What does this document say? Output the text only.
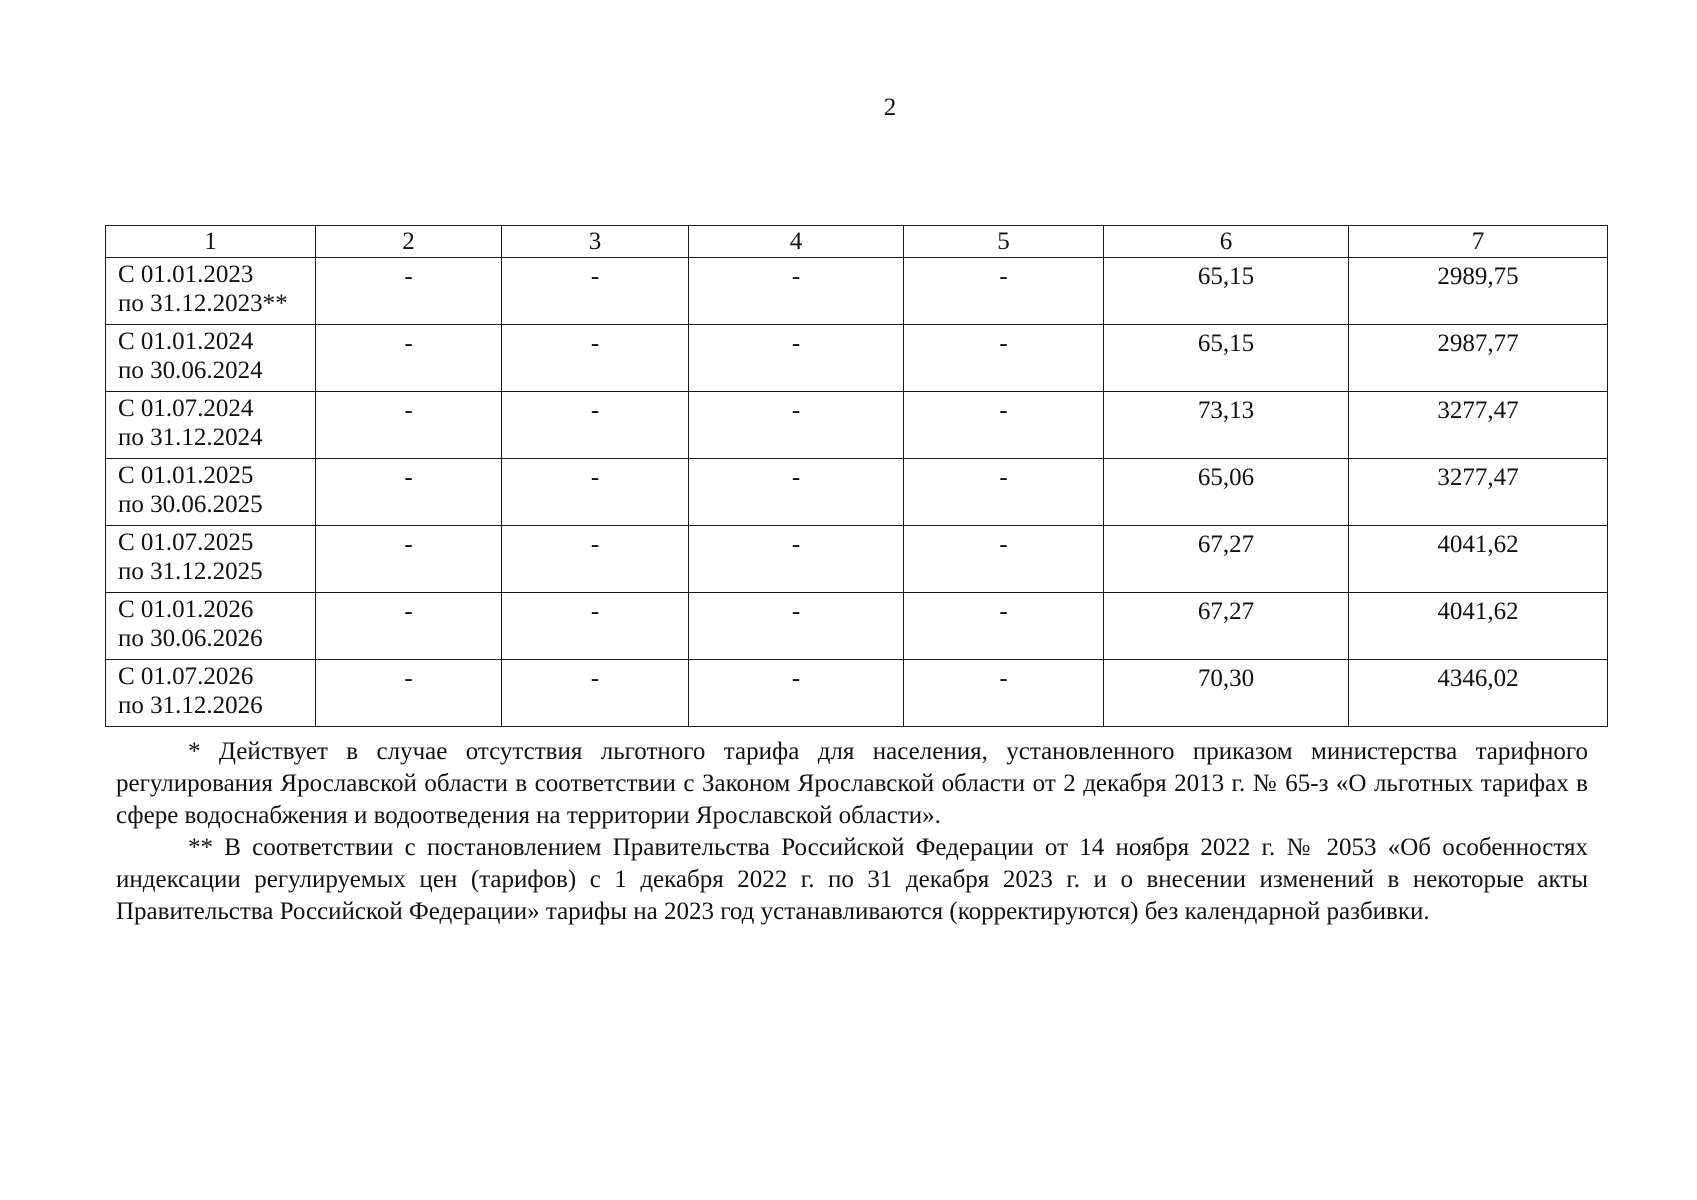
2
1	2	3	4	5	6	7
С 01.01.2023
по 31.12.2023**	-	-	-	-	65,15	2989,75
С 01.01.2024
по 30.06.2024	-	-	-	-	65,15	2987,77
С 01.07.2024
по 31.12.2024	-	-	-	-	73,13	3277,47
С 01.01.2025
по 30.06.2025	-	-	-	-	65,06	3277,47
С 01.07.2025
по 31.12.2025	-	-	-	-	67,27	4041,62
С 01.01.2026
по 30.06.2026	-	-	-	-	67,27	4041,62
С 01.07.2026
по 31.12.2026	-	-	-	-	70,30	4346,02

* Действует в случае отсутствия льготного тарифа для населения, установленного приказом министерства тарифного регулирования Ярославской области в соответствии с Законом Ярославской области от 2 декабря 2013 г. № 65-з «О льготных тарифах в сфере водоснабжения и водоотведения на территории Ярославской области».

** В соответствии с постановлением Правительства Российской Федерации от 14 ноября 2022 г. № 2053 «Об особенностях индексации регулируемых цен (тарифов) с 1 декабря 2022 г. по 31 декабря 2023 г. и о внесении изменений в некоторые акты Правительства Российской Федерации» тарифы на 2023 год устанавливаются (корректируются) без календарной разбивки.
